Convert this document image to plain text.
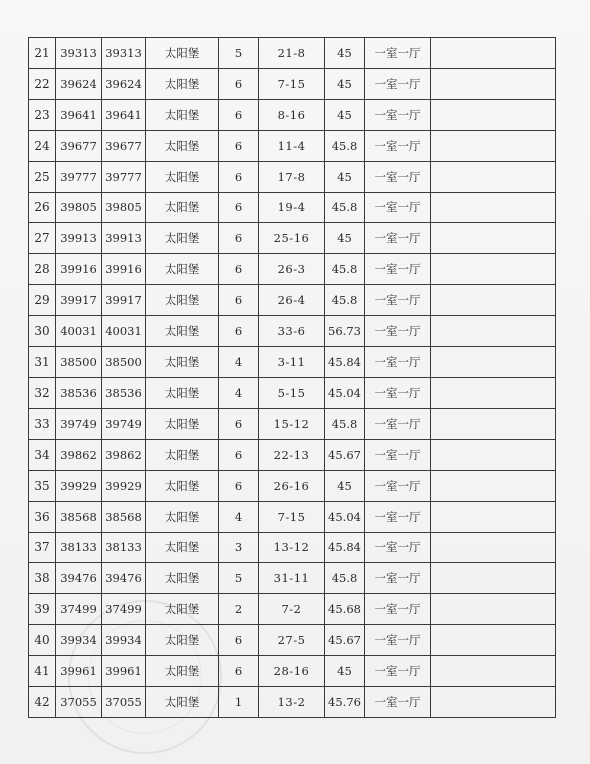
21	39313	39313	太阳堡	5	21-8	45	一室一厅	
22	39624	39624	太阳堡	6	7-15	45	一室一厅	
23	39641	39641	太阳堡	6	8-16	45	一室一厅	
24	39677	39677	太阳堡	6	11-4	45.8	一室一厅	
25	39777	39777	太阳堡	6	17-8	45	一室一厅	
26	39805	39805	太阳堡	6	19-4	45.8	一室一厅	
27	39913	39913	太阳堡	6	25-16	45	一室一厅	
28	39916	39916	太阳堡	6	26-3	45.8	一室一厅	
29	39917	39917	太阳堡	6	26-4	45.8	一室一厅	
30	40031	40031	太阳堡	6	33-6	56.73	一室一厅	
31	38500	38500	太阳堡	4	3-11	45.84	一室一厅	
32	38536	38536	太阳堡	4	5-15	45.04	一室一厅	
33	39749	39749	太阳堡	6	15-12	45.8	一室一厅	
34	39862	39862	太阳堡	6	22-13	45.67	一室一厅	
35	39929	39929	太阳堡	6	26-16	45	一室一厅	
36	38568	38568	太阳堡	4	7-15	45.04	一室一厅	
37	38133	38133	太阳堡	3	13-12	45.84	一室一厅	
38	39476	39476	太阳堡	5	31-11	45.8	一室一厅	
39	37499	37499	太阳堡	2	7-2	45.68	一室一厅	
40	39934	39934	太阳堡	6	27-5	45.67	一室一厅	
41	39961	39961	太阳堡	6	28-16	45	一室一厅	
42	37055	37055	太阳堡	1	13-2	45.76	一室一厅	
